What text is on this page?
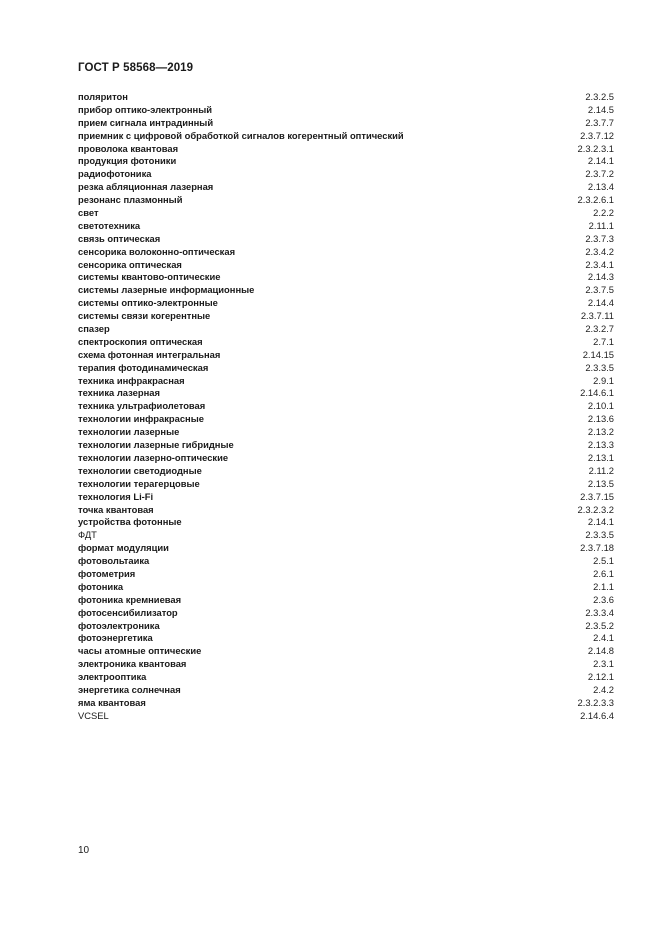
ГОСТ Р 58568—2019
поляритон	2.3.2.5
прибор оптико-электронный	2.14.5
прием сигнала интрадинный	2.3.7.7
приемник с цифровой обработкой сигналов когерентный оптический	2.3.7.12
проволока квантовая	2.3.2.3.1
продукция фотоники	2.14.1
радиофотоника	2.3.7.2
резка абляционная лазерная	2.13.4
резонанс плазмонный	2.3.2.6.1
свет	2.2.2
светотехника	2.11.1
связь оптическая	2.3.7.3
сенсорика волоконно-оптическая	2.3.4.2
сенсорика оптическая	2.3.4.1
системы квантово-оптические	2.14.3
системы лазерные информационные	2.3.7.5
системы оптико-электронные	2.14.4
системы связи когерентные	2.3.7.11
спазер	2.3.2.7
спектроскопия оптическая	2.7.1
схема фотонная интегральная	2.14.15
терапия фотодинамическая	2.3.3.5
техника инфракрасная	2.9.1
техника лазерная	2.14.6.1
техника ультрафиолетовая	2.10.1
технологии инфракрасные	2.13.6
технологии лазерные	2.13.2
технологии лазерные гибридные	2.13.3
технологии лазерно-оптические	2.13.1
технологии светодиодные	2.11.2
технологии терагерцовые	2.13.5
технология Li-Fi	2.3.7.15
точка квантовая	2.3.2.3.2
устройства фотонные	2.14.1
ФДТ	2.3.3.5
формат модуляции	2.3.7.18
фотовольтаика	2.5.1
фотометрия	2.6.1
фотоника	2.1.1
фотоника кремниевая	2.3.6
фотосенсибилизатор	2.3.3.4
фотоэлектроника	2.3.5.2
фотоэнергетика	2.4.1
часы атомные оптические	2.14.8
электроника квантовая	2.3.1
электрооптика	2.12.1
энергетика солнечная	2.4.2
яма квантовая	2.3.2.3.3
VCSEL	2.14.6.4
10
